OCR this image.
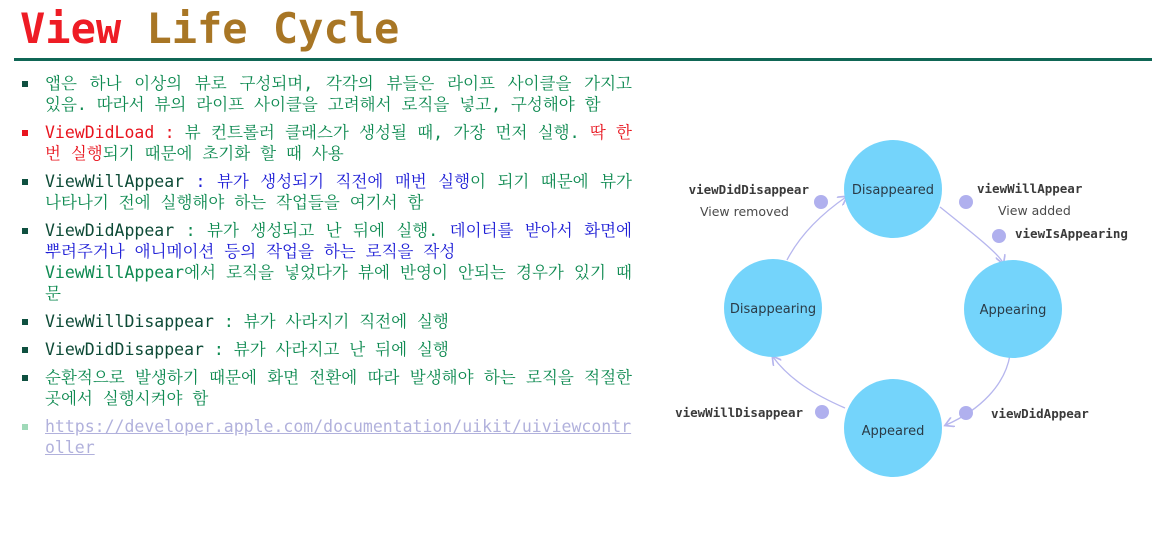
View Life Cycle
앱은 하나 이상의 뷰로 구성되며, 각각의 뷰들은 라이프 사이클을 가지고 있음. 따라서 뷰의 라이프 사이클을 고려해서 로직을 넣고, 구성해야 함
ViewDidLoad : 뷰 컨트롤러 클래스가 생성될 때, 가장 먼저 실행. 딱 한 번 실행되기 때문에 초기화 할 때 사용
ViewWillAppear : 뷰가 생성되기 직전에 매번 실행이 되기 때문에 뷰가 나타나기 전에 실행해야 하는 작업들을 여기서 함
ViewDidAppear : 뷰가 생성되고 난 뒤에 실행. 데이터를 받아서 화면에 뿌려주거나 애니메이션 등의 작업을 하는 로직을 작성
ViewWillAppear에서 로직을 넣었다가 뷰에 반영이 안되는 경우가 있기 때문
ViewWillDisappear : 뷰가 사라지기 직전에 실행
ViewDidDisappear : 뷰가 사라지고 난 뒤에 실행
순환적으로 발생하기 때문에 화면 전환에 따라 발생해야 하는 로직을 적절한 곳에서 실행시켜야 함
https://developer.apple.com/documentation/uikit/uiviewcontroller
Disappeared
Appearing
Appeared
Disappearing
viewDidDisappear
View removed
viewWillAppear
View added
viewIsAppearing
viewDidAppear
viewWillDisappear
